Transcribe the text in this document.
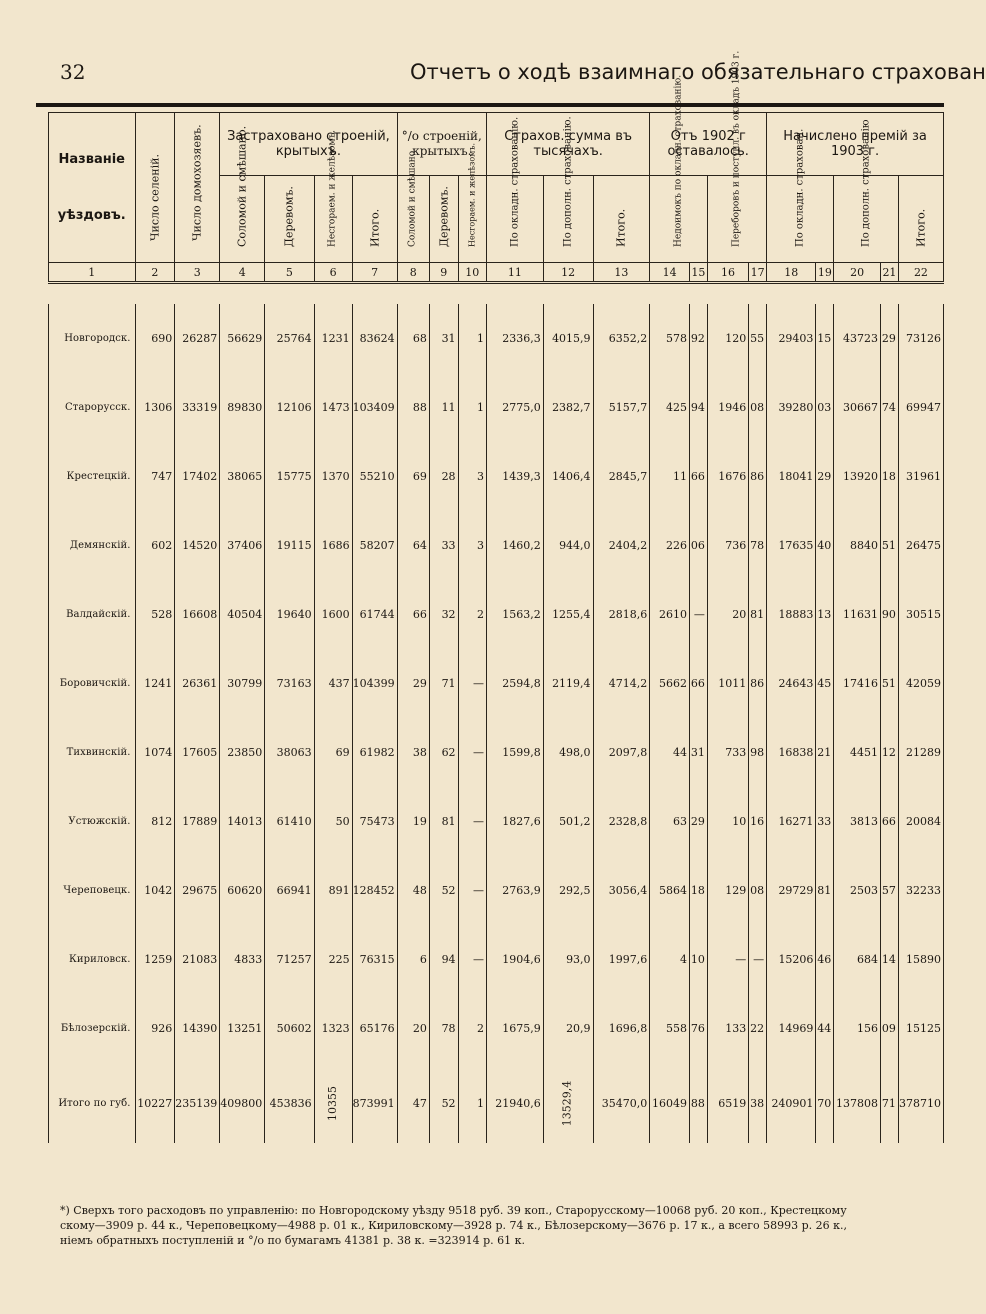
32	Отчетъ о ходѣ взаимнаго обязательнаго страхован
Названіе уѣздовъ.	Число селеній.	Число домохозяевъ.	Застраховано строеній, крытыхъ.				°/о строеній, крытыхъ.			Страхов. сумма въ тысячахъ.			Отъ 1902 г оставалось.				Начислено премій за 1903 г.				

			Соломой и смѣшано.	Деревомъ.	Несгораем. и желѣзомъ.	Итого.	Соломой и смѣшано.	Деревомъ.	Несгораем. и желѣзомъ.	По окладн. страхованію.	По дополн. страхованію.	Итого.	Недоимокъ по окладн. страхованію.		Переборовъ и поступл. въ окладъ 1903 г.		По окладн. страхован.		По дополн. страхованію		Итого.

1	2	3	4	5	6	7	8	9	10	11	12	13	14	15	16	17	18	19	20	21	22

Новгородск.	690	26287	56629	25764	1231	83624	68	31	1	2336,3	4015,9	6352,2	578	92	120	55	29403	15	43723	29	73126
Старорусск.	1306	33319	89830	12106	1473	103409	88	11	1	2775,0	2382,7	5157,7	425	94	1946	08	39280	03	30667	74	69947
Крестецкій.	747	17402	38065	15775	1370	55210	69	28	3	1439,3	1406,4	2845,7	11	66	1676	86	18041	29	13920	18	31961
Демянскій.	602	14520	37406	19115	1686	58207	64	33	3	1460,2	944,0	2404,2	226	06	736	78	17635	40	8840	51	26475
Валдайскій.	528	16608	40504	19640	1600	61744	66	32	2	1563,2	1255,4	2818,6	2610	—	20	81	18883	13	11631	90	30515
Боровичскій.	1241	26361	30799	73163	437	104399	29	71	—	2594,8	2119,4	4714,2	5662	66	1011	86	24643	45	17416	51	42059
Тихвинскій.	1074	17605	23850	38063	69	61982	38	62	—	1599,8	498,0	2097,8	44	31	733	98	16838	21	4451	12	21289
Устюжскій.	812	17889	14013	61410	50	75473	19	81	—	1827,6	501,2	2328,8	63	29	10	16	16271	33	3813	66	20084
Череповецк.	1042	29675	60620	66941	891	128452	48	52	—	2763,9	292,5	3056,4	5864	18	129	08	29729	81	2503	57	32233
Кириловск.	1259	21083	4833	71257	225	76315	6	94	—	1904,6	93,0	1997,6	4	10	—	—	15206	46	684	14	15890
Бѣлозерскій.	926	14390	13251	50602	1323	65176	20	78	2	1675,9	20,9	1696,8	558	76	133	22	14969	44	156	09	15125
Итого по губ.	10227	235139	409800	453836	10355	873991	47	52	1	21940,6	13529,4	35470,0	16049	88	6519	38	240901	70	137808	71	378710
*) Сверхъ того расходовъ по управленію: по Новгородскому уѣзду 9518 руб. 39 коп., Старорусскому—10068 руб. 20 коп., Крестецкому
скому—3909 р. 44 к., Череповецкому—4988 р. 01 к., Кириловскому—3928 р. 74 к., Бѣлозерскому—3676 р. 17 к., а всего 58993 р. 26 к.,
нiемъ обратныхъ поступленій и °/о по бумагамъ 41381 р. 38 к. =323914 р. 61 к.
